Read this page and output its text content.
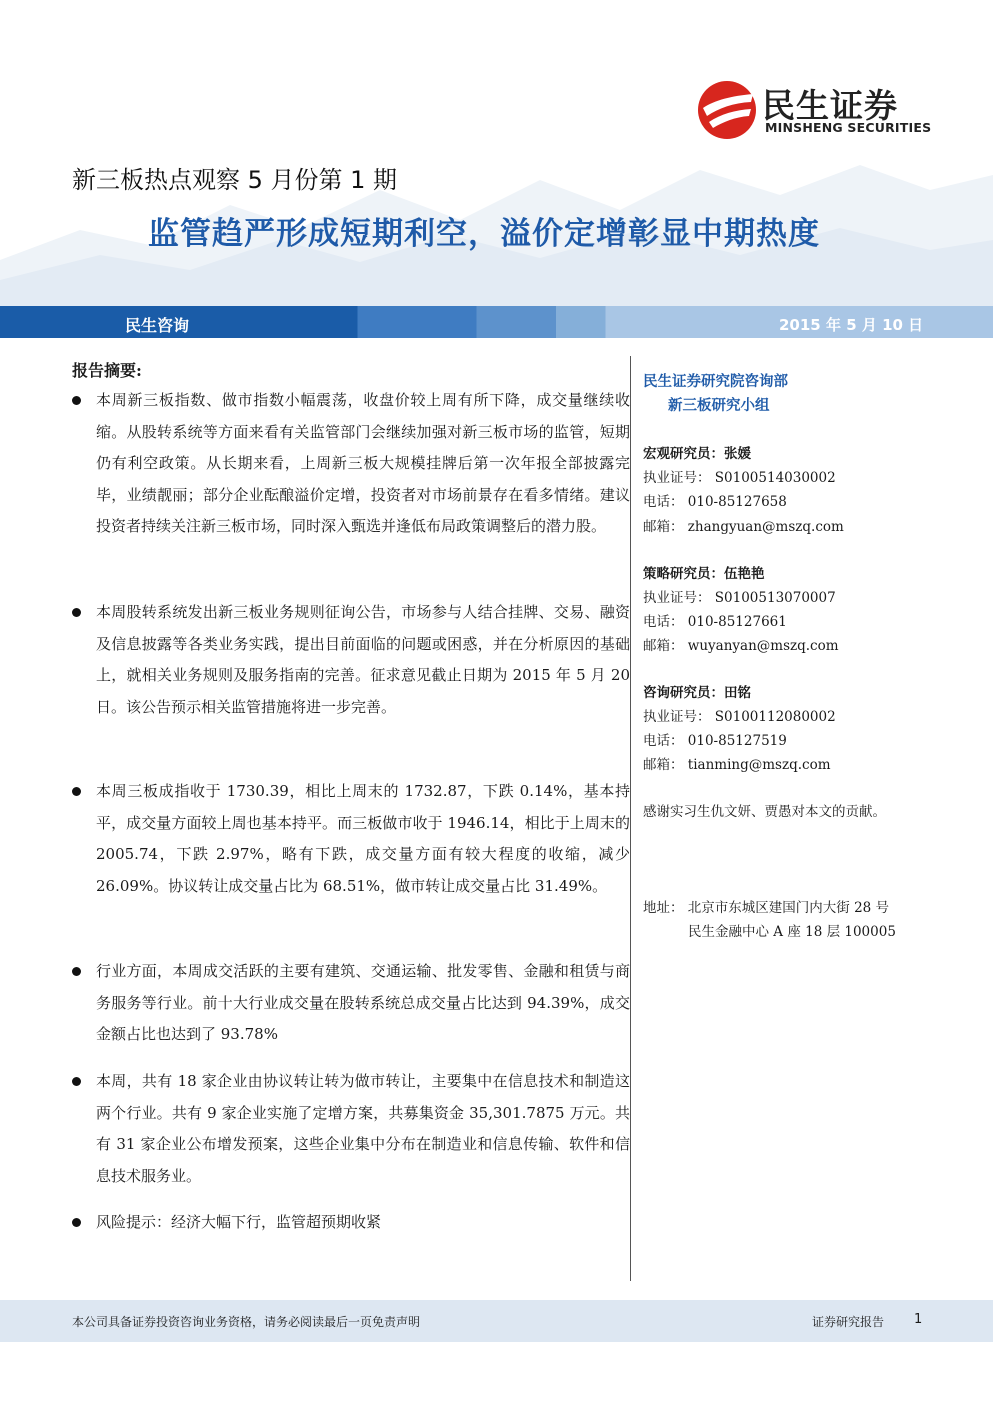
民生证券
MINSHENG SECURITIES
新三板热点观察 5 月份第 1 期
监管趋严形成短期利空，溢价定增彰显中期热度
民生咨询	2015 年 5 月 10 日
报告摘要:
本周新三板指数、做市指数小幅震荡，收盘价较上周有所下降，成交量继续收缩。从股转系统等方面来看有关监管部门会继续加强对新三板市场的监管，短期仍有利空政策。从长期来看，上周新三板大规模挂牌后第一次年报全部披露完毕，业绩靓丽；部分企业酝酿溢价定增，投资者对市场前景存在看多情绪。建议投资者持续关注新三板市场，同时深入甄选并逢低布局政策调整后的潜力股。
本周股转系统发出新三板业务规则征询公告，市场参与人结合挂牌、交易、融资及信息披露等各类业务实践，提出目前面临的问题或困惑，并在分析原因的基础上，就相关业务规则及服务指南的完善。征求意见截止日期为 2015 年 5 月 20 日。该公告预示相关监管措施将进一步完善。
本周三板成指收于 1730.39，相比上周末的 1732.87，下跌 0.14%，基本持平，成交量方面较上周也基本持平。而三板做市收于 1946.14，相比于上周末的 2005.74，下跌 2.97%，略有下跌，成交量方面有较大程度的收缩，减少 26.09%。协议转让成交量占比为 68.51%，做市转让成交量占比 31.49%。
行业方面，本周成交活跃的主要有建筑、交通运输、批发零售、金融和租赁与商务服务等行业。前十大行业成交量在股转系统总成交量占比达到 94.39%，成交金额占比也达到了 93.78%
本周，共有 18 家企业由协议转让转为做市转让，主要集中在信息技术和制造这两个行业。共有 9 家企业实施了定增方案，共募集资金 35,301.7875 万元。共有 31 家企业公布增发预案，这些企业集中分布在制造业和信息传输、软件和信息技术服务业。
风险提示：经济大幅下行，监管超预期收紧
民生证券研究院咨询部
新三板研究小组
宏观研究员：张媛
执业证号： S0100514030002
电话： 010-85127658
邮箱： zhangyuan@mszq.com
策略研究员：伍艳艳
执业证号： S0100513070007
电话： 010-85127661
邮箱： wuyanyan@mszq.com
咨询研究员：田铭
执业证号： S0100112080002
电话： 010-85127519
邮箱： tianming@mszq.com
感谢实习生仇文妍、贾愚对本文的贡献。
地址： 北京市东城区建国门内大街 28 号
民生金融中心 A 座 18 层 100005
本公司具备证券投资咨询业务资格，请务必阅读最后一页免责声明	证券研究报告 1
